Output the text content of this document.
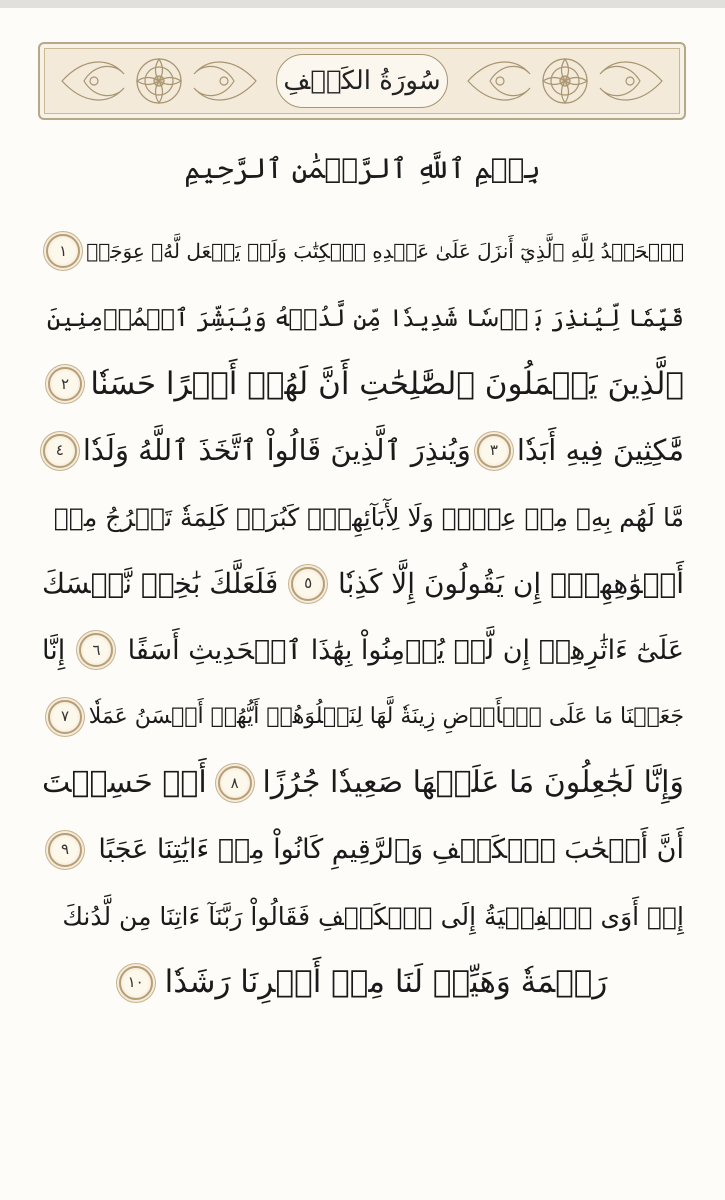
سُورَةُ الكَهۡفِ
بِسۡمِ ٱللَّهِ ٱلرَّحۡمَٰنِ ٱلرَّحِيمِ
ٱلۡحَمۡدُ لِلَّهِ ٱلَّذِيٓ أَنزَلَ عَلَىٰ عَبۡدِهِ ٱلۡكِتَٰبَ وَلَمۡ يَجۡعَل لَّهُۥ عِوَجَاۜ
١
قَيِّمٗا لِّيُنذِرَ بَأۡسٗا شَدِيدٗا مِّن لَّدُنۡهُ وَيُبَشِّرَ ٱلۡمُؤۡمِنِينَ
ٱلَّذِينَ يَعۡمَلُونَ ٱلصَّٰلِحَٰتِ أَنَّ لَهُمۡ أَجۡرًا حَسَنٗا
٢
مَّٰكِثِينَ فِيهِ أَبَدٗا
٣
وَيُنذِرَ ٱلَّذِينَ قَالُواْ ٱتَّخَذَ ٱللَّهُ وَلَدٗا
٤
مَّا لَهُم بِهِۦ مِنۡ عِلۡمٖ وَلَا لِأٓبَآئِهِمۡۚ كَبُرَتۡ كَلِمَةٗ تَخۡرُجُ مِنۡ
أَفۡوَٰهِهِمۡۚ إِن يَقُولُونَ إِلَّا كَذِبٗا
٥
فَلَعَلَّكَ بَٰخِعٞ نَّفۡسَكَ
عَلَىٰٓ ءَاثَٰرِهِمۡ إِن لَّمۡ يُؤۡمِنُواْ بِهَٰذَا ٱلۡحَدِيثِ أَسَفًا
٦
إِنَّا
جَعَلۡنَا مَا عَلَى ٱلۡأَرۡضِ زِينَةٗ لَّهَا لِنَبۡلُوَهُمۡ أَيُّهُمۡ أَحۡسَنُ عَمَلٗا
٧
وَإِنَّا لَجَٰعِلُونَ مَا عَلَيۡهَا صَعِيدٗا جُرُزًا
٨
أَمۡ حَسِبۡتَ
أَنَّ أَصۡحَٰبَ ٱلۡكَهۡفِ وَٱلرَّقِيمِ كَانُواْ مِنۡ ءَايَٰتِنَا عَجَبًا
٩
إِذۡ أَوَى ٱلۡفِتۡيَةُ إِلَى ٱلۡكَهۡفِ فَقَالُواْ رَبَّنَآ ءَاتِنَا مِن لَّدُنكَ
رَحۡمَةٗ وَهَيِّئۡ لَنَا مِنۡ أَمۡرِنَا رَشَدٗا
١٠
